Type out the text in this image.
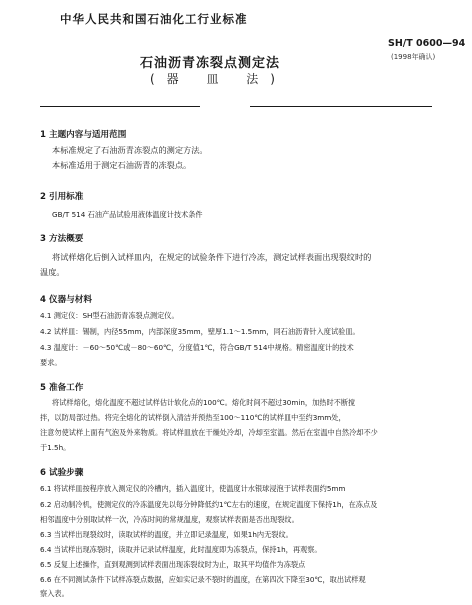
中华人民共和国石油化工行业标准
SH/T 0600—94
(1998年确认)
石油沥青冻裂点测定法
(器 皿 法)
1 主题内容与适用范围
本标准规定了石油沥青冻裂点的测定方法。
本标准适用于测定石油沥青的冻裂点。
2 引用标准
GB/T 514 石油产品试验用液体温度计技术条件
3 方法概要
将试样熔化后倒入试样皿内，在规定的试验条件下进行冷冻，测定试样表面出现裂纹时的
温度。
4 仪器与材料
4.1 测定仪：SH型石油沥青冻裂点测定仪。
4.2 试样皿：锡制，内径55mm，内部深度35mm，壁厚1.1～1.5mm，同石油沥青针入度试验皿。
4.3 温度计：－60～50℃或－80～60℃，分度值1℃，符合GB/T 514中规格。精密温度计的技术
要求。
5 准备工作
将试样熔化，熔化温度不超过试样估计软化点的100℃。熔化时间不超过30min，加热时不断搅
拌，以防局部过热。将完全熔化的试样倒入清洁并预热至100～110℃的试样皿中至约3mm处，
注意勿使试样上面有气泡及外来物质。将试样皿放在干燥处冷却，冷却至室温。然后在室温中自然冷却不少
于1.5h。
6 试验步骤
6.1 将试样皿按程序放入测定仪的冷槽内，插入温度计，使温度计水银球浸泡于试样表面约5mm
6.2 启动制冷机，使测定仪的冷冻温度先以每分钟降低约1℃左右的速度，在规定温度下保持1h，在冻点及
相邻温度中分别取试样一次，冷冻时间的常规温度，观察试样表面是否出现裂纹。
6.3 当试样出现裂纹时，读取试样的温度，并立即记录温度，如果1h内无裂纹。
6.4 当试样出现冻裂时，读取并记录试样温度，此时温度即为冻裂点，保持1h，再观察。
6.5 反复上述操作，直到观测到试样表面出现冻裂纹时为止，取其平均值作为冻裂点
6.6 在不同测试条件下试样冻裂点数据，应如实记录不裂时的温度，在第四次下降至30℃，取出试样观
察入表。
